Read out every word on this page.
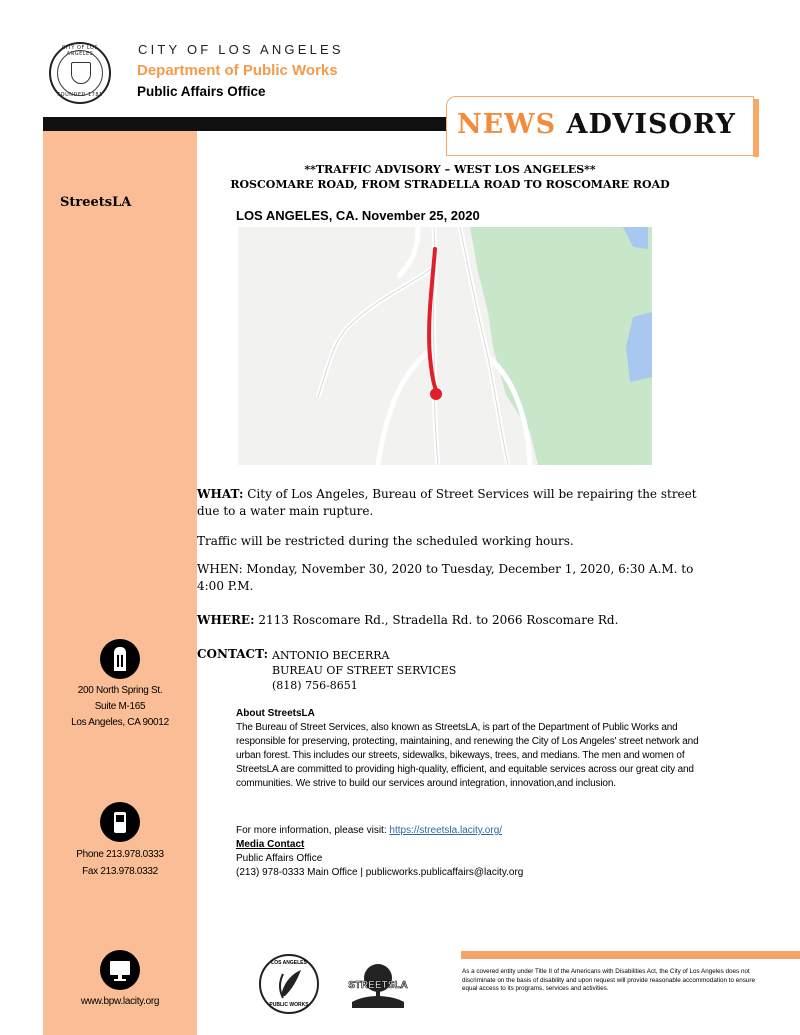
CITY OF LOS ANGELES
FOUNDED 1781
CITY OF LOS ANGELES
Department of Public Works
Public Affairs Office
NEWS ADVISORY
StreetsLA
200 North Spring St.
Suite M-165
Los Angeles, CA 90012
Phone 213.978.0333
Fax 213.978.0332
www.bpw.lacity.org
**TRAFFIC ADVISORY – WEST LOS ANGELES**
ROSCOMARE ROAD, FROM STRADELLA ROAD TO ROSCOMARE ROAD
LOS ANGELES, CA. November 25, 2020
WHAT: City of Los Angeles, Bureau of Street Services will be repairing the street
due to a water main rupture.
Traffic will be restricted during the scheduled working hours.
WHEN: Monday, November 30, 2020 to Tuesday, December 1, 2020, 6:30 A.M. to
4:00 P.M.
WHERE: 2113 Roscomare Rd., Stradella Rd. to 2066 Roscomare Rd.
CONTACT: ANTONIO BECERRA
BUREAU OF STREET SERVICES
(818) 756-8651
About StreetsLA
The Bureau of Street Services, also known as StreetsLA, is part of the Department of Public Works and responsible for preserving, protecting, maintaining, and renewing the City of Los Angeles' street network and urban forest. This includes our streets, sidewalks, bikeways, trees, and medians. The men and women of StreetsLA are committed to providing high-quality, efficient, and equitable services across our great city and communities. We strive to build our services around integration, innovation,and inclusion.
For more information, please visit: https://streetsla.lacity.org/
Media Contact
Public Affairs Office
(213) 978-0333 Main Office | publicworks.publicaffairs@lacity.org
LOS ANGELES
PUBLIC WORKS
STREETSLA
As a covered entity under Title II of the Americans with Disabilities Act, the City of Los Angeles does not discriminate on the basis of disability and upon request will provide reasonable accommodation to ensure equal access to its programs, services and activities.
